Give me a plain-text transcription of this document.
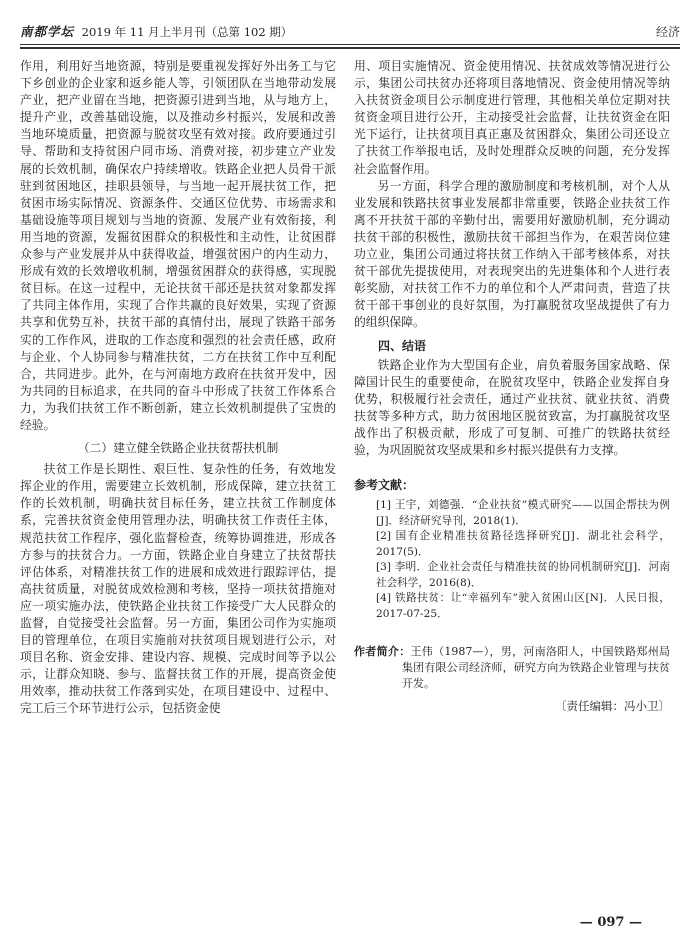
南都学坛 2019 年 11 月上半月刊（总第 102 期）	经济

作用，利用好当地资源，特别是要重视发挥好外出务工与它下乡创业的企业家和返乡能人等，引领团队在当地带动发展产业，把产业留在当地，把资源引进到当地，从与地方上，提升产业，改善基础设施，以及推动乡村振兴，发展和改善当地环境质量，把资源与脱贫攻坚有效对接。政府要通过引导、帮助和支持贫困户同市场、消费对接，初步建立产业发展的长效机制，确保农户持续增收。铁路企业把人员骨干派驻到贫困地区，挂职县领导，与当地一起开展扶贫工作，把贫困市场实际情况、资源条件、交通区位优势、市场需求和基础设施等项目规划与当地的资源、发展产业有效衔接，利用当地的资源，发掘贫困群众的积极性和主动性，让贫困群众参与产业发展并从中获得收益，增强贫困户的内生动力，形成有效的长效增收机制，增强贫困群众的获得感，实现脱贫目标。在这一过程中，无论扶贫干部还是扶贫对象都发挥了共同主体作用，实现了合作共赢的良好效果，实现了资源共享和优势互补，扶贫干部的真情付出，展现了铁路干部务实的工作作风，进取的工作态度和强烈的社会责任感，政府与企业、个人协同参与精准扶贫，二方在扶贫工作中互利配合，共同进步。此外，在与河南地方政府在扶贫开发中，因为共同的目标追求，在共同的奋斗中形成了扶贫工作体系合力，为我们扶贫工作不断创新，建立长效机制提供了宝贵的经验。

（二）建立健全铁路企业扶贫帮扶机制

扶贫工作是长期性、艰巨性、复杂性的任务，有效地发挥企业的作用，需要建立长效机制，形成保障，建立扶贫工作的长效机制，明确扶贫目标任务，建立扶贫工作制度体系，完善扶贫资金使用管理办法，明确扶贫工作责任主体，规范扶贫工作程序，强化监督检查，统筹协调推进，形成各方参与的扶贫合力。一方面，铁路企业自身建立了扶贫帮扶评估体系，对精准扶贫工作的进展和成效进行跟踪评估，提高扶贫质量，对脱贫成效检测和考核，坚持一项扶贫措施对应一项实施办法，使铁路企业扶贫工作接受广大人民群众的监督，自觉接受社会监督。另一方面，集团公司作为实施项目的管理单位，在项目实施前对扶贫项目规划进行公示，对项目名称、资金安排、建设内容、规模、完成时间等予以公示，让群众知晓、参与、监督扶贫工作的开展，提高资金使用效率，推动扶贫工作落到实处，在项目建设中、过程中、完工后三个环节进行公示，包括资金使

用、项目实施情况、资金使用情况、扶贫成效等情况进行公示，集团公司扶贫办还将项目落地情况、资金使用情况等纳入扶贫资金项目公示制度进行管理，其他相关单位定期对扶贫资金项目进行公开，主动接受社会监督，让扶贫资金在阳光下运行，让扶贫项目真正惠及贫困群众，集团公司还设立了扶贫工作举报电话，及时处理群众反映的问题，充分发挥社会监督作用。

另一方面，科学合理的激励制度和考核机制，对个人从业发展和铁路扶贫事业发展都非常重要，铁路企业扶贫工作离不开扶贫干部的辛勤付出，需要用好激励机制，充分调动扶贫干部的积极性，激励扶贫干部担当作为，在艰苦岗位建功立业，集团公司通过将扶贫工作纳入干部考核体系，对扶贫干部优先提拔使用，对表现突出的先进集体和个人进行表彰奖励，对扶贫工作不力的单位和个人严肃问责，营造了扶贫干部干事创业的良好氛围，为打赢脱贫攻坚战提供了有力的组织保障。

四、结语

铁路企业作为大型国有企业，肩负着服务国家战略、保障国计民生的重要使命，在脱贫攻坚中，铁路企业发挥自身优势，积极履行社会责任，通过产业扶贫、就业扶贫、消费扶贫等多种方式，助力贫困地区脱贫致富，为打赢脱贫攻坚战作出了积极贡献，形成了可复制、可推广的铁路扶贫经验，为巩固脱贫攻坚成果和乡村振兴提供有力支撑。

参考文献：

[1] 王宇，刘德强．“企业扶贫”模式研究——以国企帮扶为例[J]．经济研究导刊，2018(1)．

[2] 国有企业精准扶贫路径选择研究[J]．湖北社会科学，2017(5)．

[3] 李明．企业社会责任与精准扶贫的协同机制研究[J]．河南社会科学，2016(8)．

[4] 铁路扶贫：让“幸福列车”驶入贫困山区[N]．人民日报，2017-07-25．

作者简介：王伟（1987—），男，河南洛阳人，中国铁路郑州局集团有限公司经济师，研究方向为铁路企业管理与扶贫开发。
〔责任编辑：冯小卫〕
— 097 —
